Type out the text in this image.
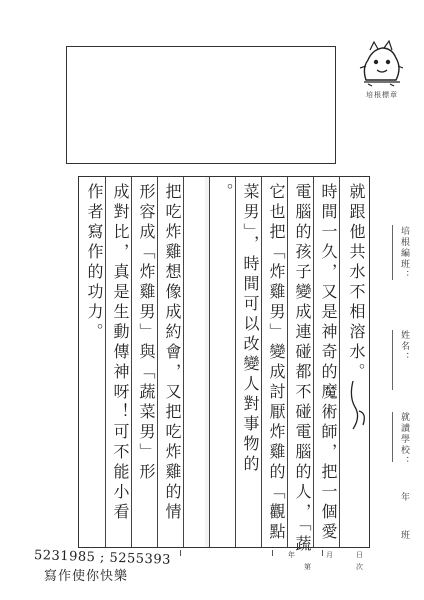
培根標章
就跟他共水不相溶水。
時間一久，又是神奇的魔術師，把一個愛
電腦的孩子變成連碰都不碰電腦的人，「蔬
它也把「炸雞男」變成討厭炸雞的「觀點
菜男」，時間可以改變人對事物的
。
把吃炸雞想像成約會，又把吃炸雞的情
形容成「炸雞男」與「蔬菜男」形
成對比，真是生動傳神呀！可不能小看
作者寫作的功力。	培根編班：
姓名：
就讀學校：
年
班
5231985 ; 5255393
寫作使你快樂
年	月	日
第	次
